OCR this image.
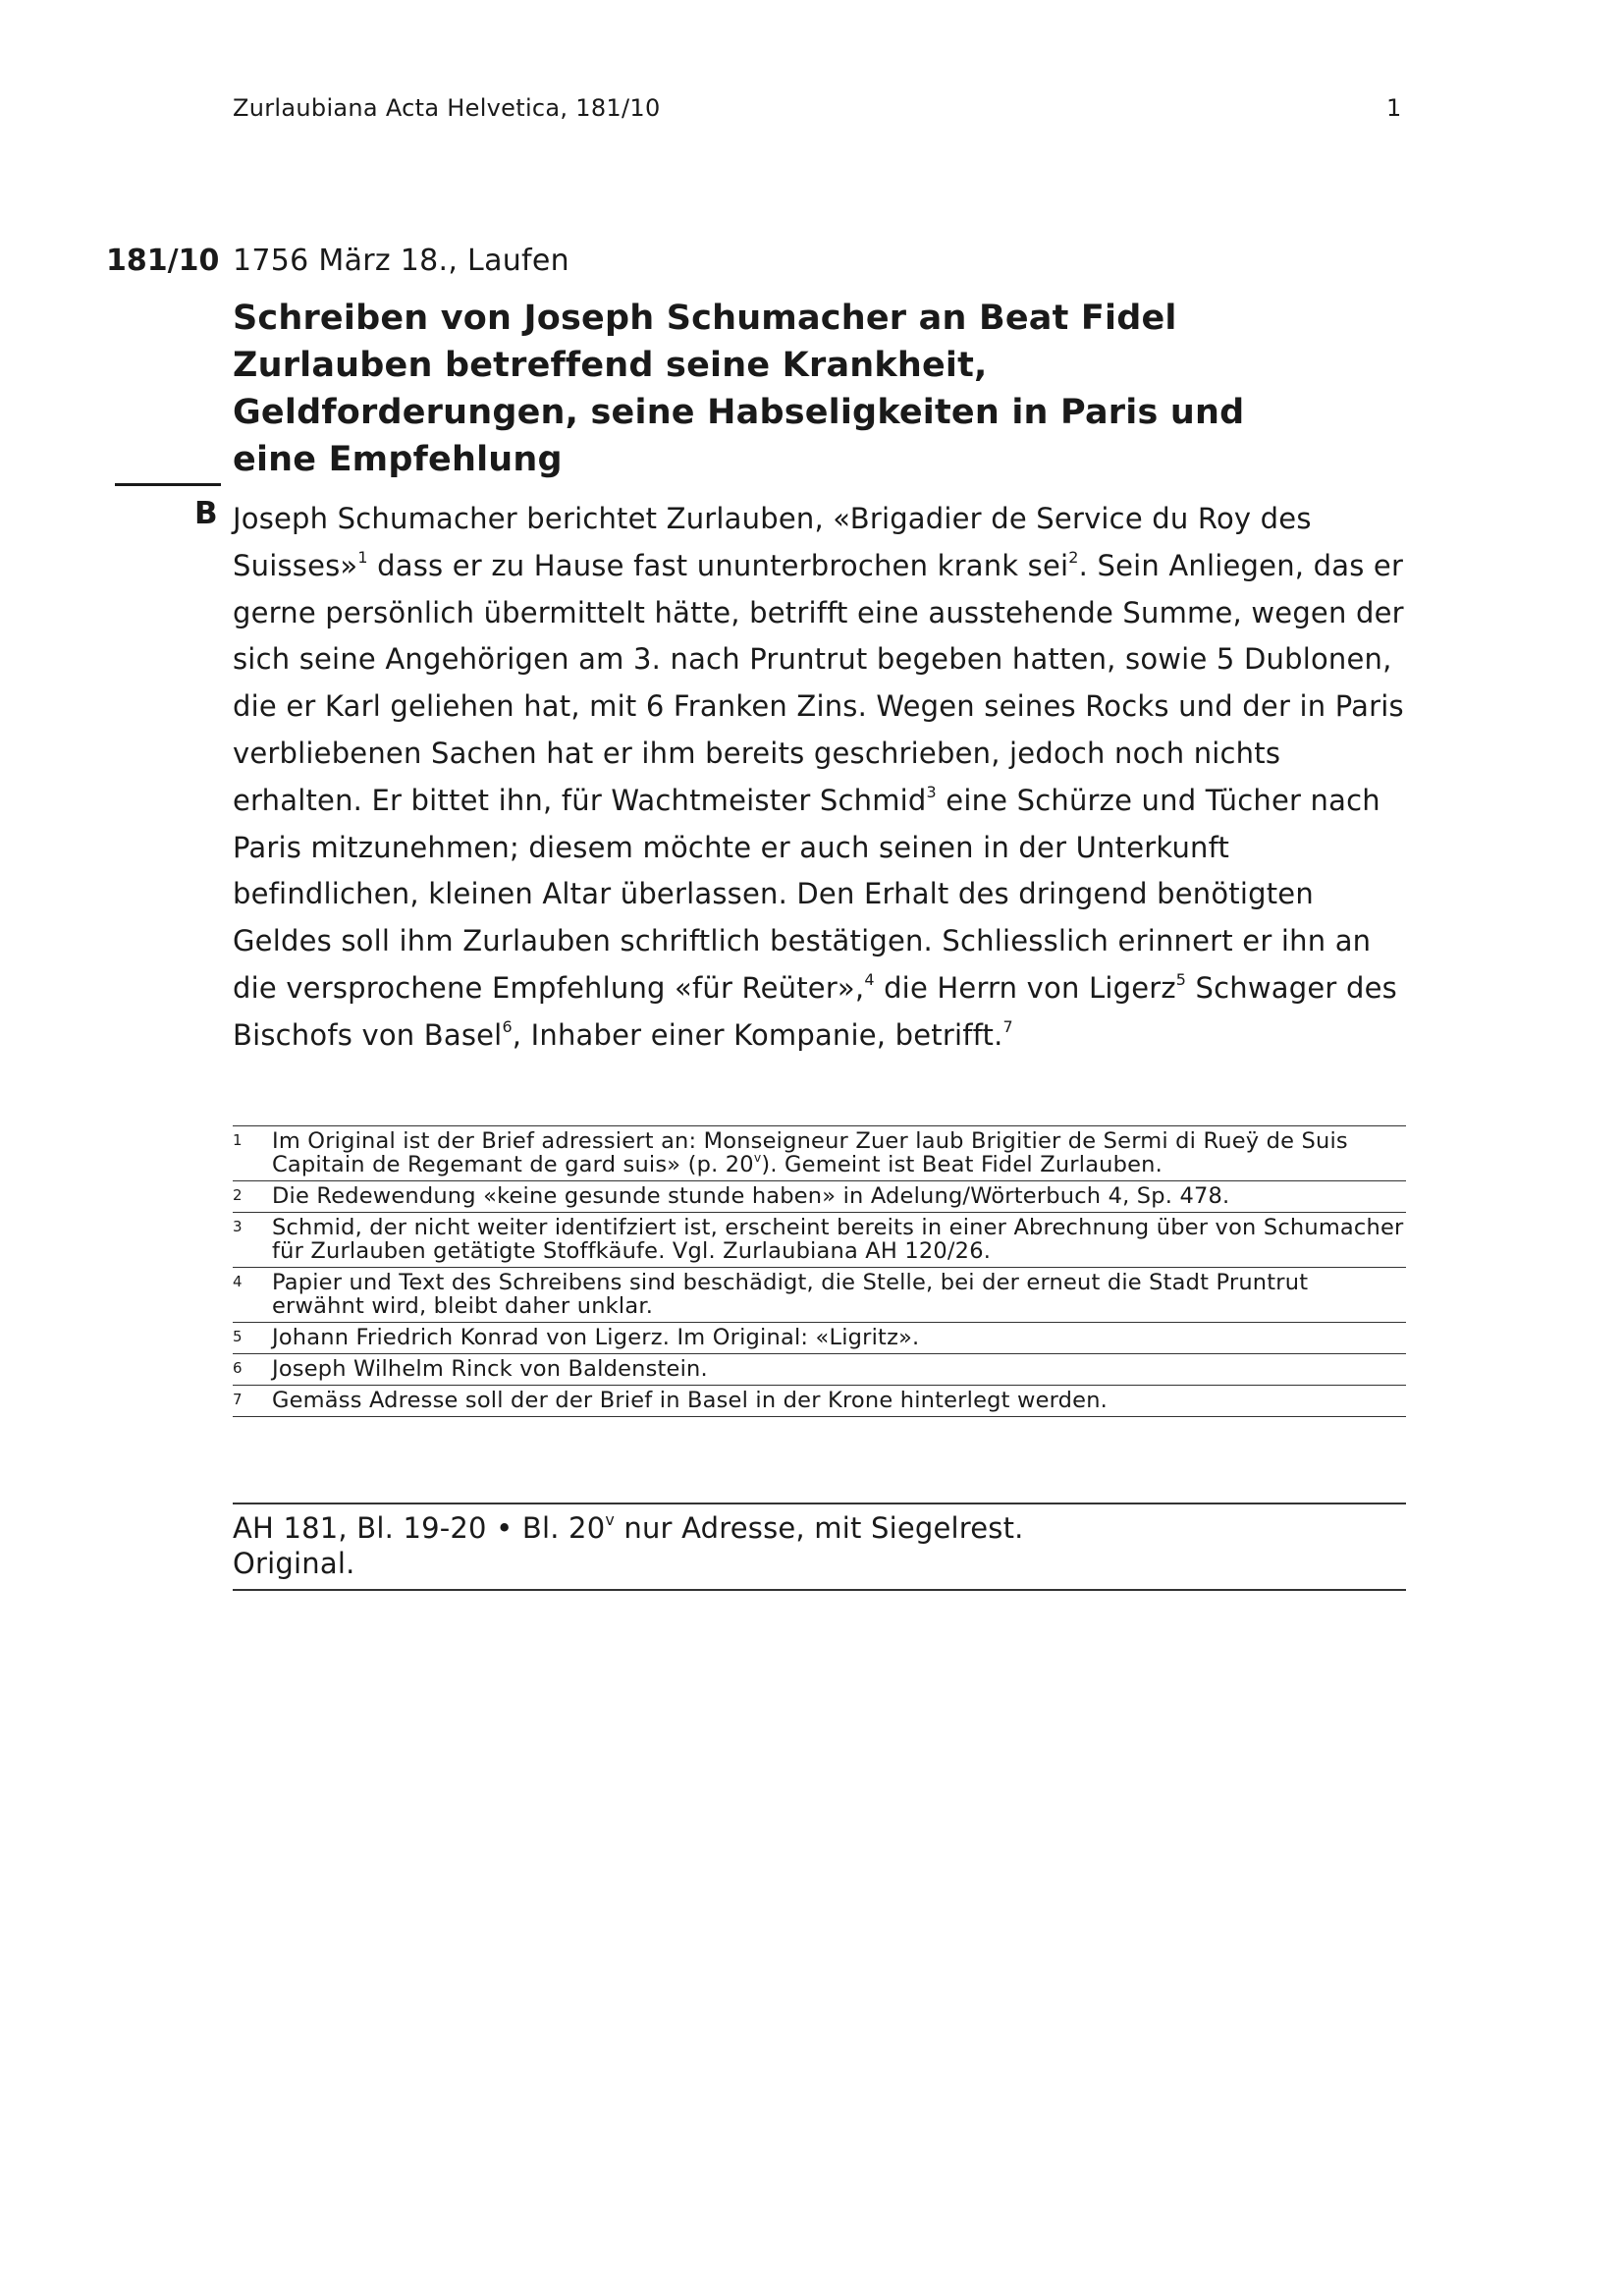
Zurlaubiana Acta Helvetica, 181/10	1
181/10 1756 März 18., Laufen
Schreiben von Joseph Schumacher an Beat Fidel Zurlauben betreffend seine Krankheit, Geldforderungen, seine Habseligkeiten in Paris und eine Empfehlung
B Joseph Schumacher berichtet Zurlauben, «Brigadier de Service du Roy des Suisses»$^1$ dass er zu Hause fast ununterbrochen krank sei$^2$. Sein Anliegen, das er gerne persönlich übermittelt hätte, betrifft eine ausstehende Summe, wegen der sich seine Angehörigen am 3. nach Pruntrut begeben hatten, sowie 5 Dublonen, die er Karl geliehen hat, mit 6 Franken Zins. Wegen seines Rocks und der in Paris verbliebenen Sachen hat er ihm bereits geschrieben, jedoch noch nichts erhalten. Er bittet ihn, für Wachtmeister Schmid$^3$ eine Schürze und Tücher nach Paris mitzunehmen; diesem möchte er auch seinen in der Unterkunft befindlichen, kleinen Altar überlassen. Den Erhalt des dringend benötigten Geldes soll ihm Zurlauben schriftlich bestätigen. Schliesslich erinnert er ihn an die versprochene Empfehlung «für Reüter»,$^4$ die Herrn von Ligerz$^5$ Schwager des Bischofs von Basel$^6$, Inhaber einer Kompanie, betrifft.$^7$
1 Im Original ist der Brief adressiert an: Monseigneur Zuer laub Brigitier de Sermi di Rueÿ de Suis Capitain de Regemant de gard suis» (p. 20$^v$). Gemeint ist Beat Fidel Zurlauben.
2 Die Redewendung «keine gesunde stunde haben» in Adelung/Wörterbuch 4, Sp. 478.
3 Schmid, der nicht weiter identifziert ist, erscheint bereits in einer Abrechnung über von Schumacher für Zurlauben getätigte Stoffkäufe. Vgl. Zurlaubiana AH 120/26.
4 Papier und Text des Schreibens sind beschädigt, die Stelle, bei der erneut die Stadt Pruntrut erwähnt wird, bleibt daher unklar.
5 Johann Friedrich Konrad von Ligerz. Im Original: «Ligritz».
6 Joseph Wilhelm Rinck von Baldenstein.
7 Gemäss Adresse soll der der Brief in Basel in der Krone hinterlegt werden.
AH 181, Bl. 19-20 • Bl. 20$^v$ nur Adresse, mit Siegelrest.
Original.
